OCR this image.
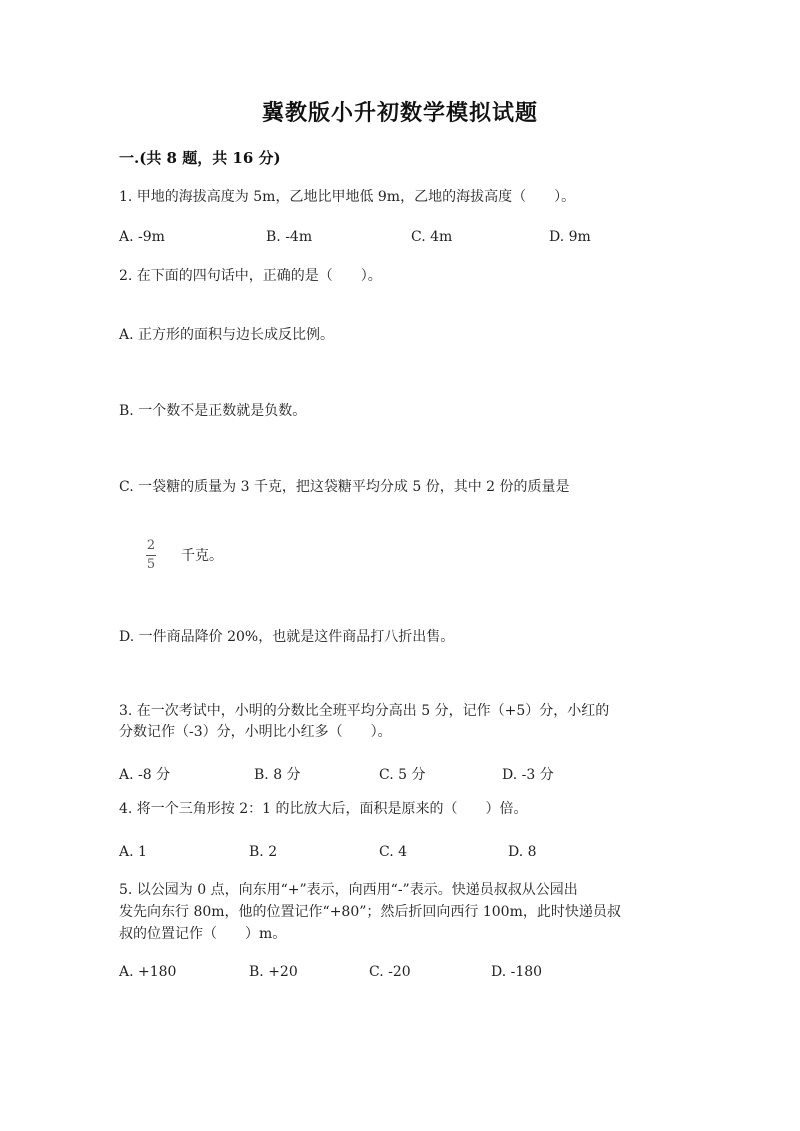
冀教版小升初数学模拟试题
一.(共 8 题，共 16 分)
1. 甲地的海拔高度为 5m，乙地比甲地低 9m，乙地的海拔高度（　　）。
A. -9m	B. -4m	C. 4m	D. 9m
2. 在下面的四句话中，正确的是（　　）。
A. 正方形的面积与边长成反比例。
B. 一个数不是正数就是负数。
C. 一袋糖的质量为 3 千克，把这袋糖平均分成 5 份，其中 2 份的质量是
2
5
千克。
D. 一件商品降价 20%，也就是这件商品打八折出售。
3. 在一次考试中，小明的分数比全班平均分高出 5 分，记作（+5）分，小红的
分数记作（-3）分，小明比小红多（　　）。
A. -8 分	B. 8 分	C. 5 分	D. -3 分
4. 将一个三角形按 2：1 的比放大后，面积是原来的（　　）倍。
A. 1	B. 2	C. 4	D. 8
5. 以公园为 0 点，向东用“+”表示，向西用“-”表示。快递员叔叔从公园出
发先向东行 80m，他的位置记作“+80”；然后折回向西行 100m，此时快递员叔
叔的位置记作（　　）m。
A. +180	B. +20	C. -20	D. -180
